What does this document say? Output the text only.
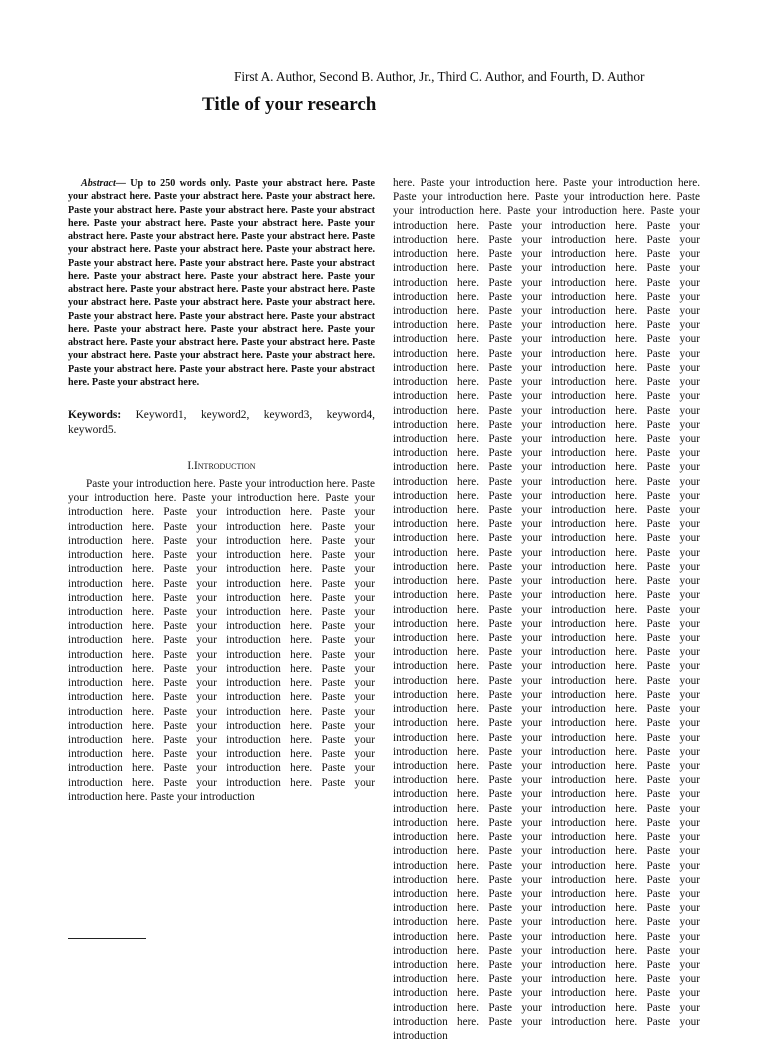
First A. Author, Second B. Author, Jr., Third C. Author, and Fourth, D. Author
Title of your research

Abstract— Up to 250 words only. Paste your abstract here. Paste your abstract here. Paste your abstract here. Paste your abstract here. Paste your abstract here. Paste your abstract here. Paste your abstract here. Paste your abstract here. Paste your abstract here. Paste your abstract here. Paste your abstract here. Paste your abstract here. Paste your abstract here. Paste your abstract here. Paste your abstract here. Paste your abstract here. Paste your abstract here. Paste your abstract here. Paste your abstract here. Paste your abstract here. Paste your abstract here. Paste your abstract here. Paste your abstract here. Paste your abstract here. Paste your abstract here. Paste your abstract here. Paste your abstract here. Paste your abstract here. Paste your abstract here. Paste your abstract here. Paste your abstract here. Paste your abstract here. Paste your abstract here. Paste your abstract here. Paste your abstract here. Paste your abstract here. Paste your abstract here. Paste your abstract here. Paste your abstract here. Paste your abstract here. Paste your abstract here.

Keywords: Keyword1, keyword2, keyword3, keyword4, keyword5.

I.Introduction

Paste your introduction here. Paste your introduction here. Paste your introduction here. Paste your introduction here. Paste your introduction here. Paste your introduction here. Paste your introduction here. Paste your introduction here. Paste your introduction here. Paste your introduction here. Paste your introduction here. Paste your introduction here. Paste your introduction here. Paste your introduction here. Paste your introduction here. Paste your introduction here. Paste your introduction here. Paste your introduction here. Paste your introduction here. Paste your introduction here. Paste your introduction here. Paste your introduction here. Paste your introduction here. Paste your introduction here. Paste your introduction here. Paste your introduction here. Paste your introduction here. Paste your introduction here. Paste your introduction here. Paste your introduction here. Paste your introduction here. Paste your introduction here. Paste your introduction here. Paste your introduction here. Paste your introduction here. Paste your introduction here. Paste your introduction here. Paste your introduction here. Paste your introduction here. Paste your introduction here. Paste your introduction here. Paste your introduction here. Paste your introduction here. Paste your introduction here. Paste your introduction here. Paste your introduction

here. Paste your introduction here. Paste your introduction here. Paste your introduction here. Paste your introduction here. Paste your introduction here. Paste your introduction here. Paste your introduction here. Paste your introduction here. Paste your introduction here. Paste your introduction here. Paste your introduction here. Paste your introduction here. Paste your introduction here. Paste your introduction here. Paste your introduction here. Paste your introduction here. Paste your introduction here. Paste your introduction here. Paste your introduction here. Paste your introduction here. Paste your introduction here. Paste your introduction here. Paste your introduction here. Paste your introduction here. Paste your introduction here. Paste your introduction here. Paste your introduction here. Paste your introduction here. Paste your introduction here. Paste your introduction here. Paste your introduction here. Paste your introduction here. Paste your introduction here. Paste your introduction here. Paste your introduction here. Paste your introduction here. Paste your introduction here. Paste your introduction here. Paste your introduction here. Paste your introduction here. Paste your introduction here. Paste your introduction here. Paste your introduction here. Paste your introduction here. Paste your introduction here. Paste your introduction here. Paste your introduction here. Paste your introduction here. Paste your introduction here. Paste your introduction here. Paste your introduction here. Paste your introduction here. Paste your introduction here. Paste your introduction here. Paste your introduction here. Paste your introduction here. Paste your introduction here. Paste your introduction here. Paste your introduction here. Paste your introduction here. Paste your introduction here. Paste your introduction here. Paste your introduction here. Paste your introduction here. Paste your introduction here. Paste your introduction here. Paste your introduction here. Paste your introduction here. Paste your introduction here. Paste your introduction here. Paste your introduction here. Paste your introduction here. Paste your introduction here. Paste your introduction here. Paste your introduction here. Paste your introduction here. Paste your introduction here. Paste your introduction here. Paste your introduction here. Paste your introduction here. Paste your introduction here. Paste your introduction here. Paste your introduction here. Paste your introduction here. Paste your introduction here. Paste your introduction here. Paste your introduction here. Paste your introduction here. Paste your introduction here. Paste your introduction here. Paste your introduction here. Paste your introduction here. Paste your introduction here. Paste your introduction here. Paste your introduction here. Paste your introduction here. Paste your introduction here. Paste your introduction here. Paste your introduction here. Paste your introduction here. Paste your introduction here. Paste your introduction here. Paste your introduction here. Paste your introduction here. Paste your introduction here. Paste your introduction here. Paste your introduction here. Paste your introduction here. Paste your introduction here. Paste your introduction here. Paste your introduction here. Paste your introduction here. Paste your introduction here. Paste your introduction here. Paste your introduction here. Paste your introduction here. Paste your introduction here. Paste your introduction here. Paste your introduction here. Paste your introduction here. Paste your introduction
